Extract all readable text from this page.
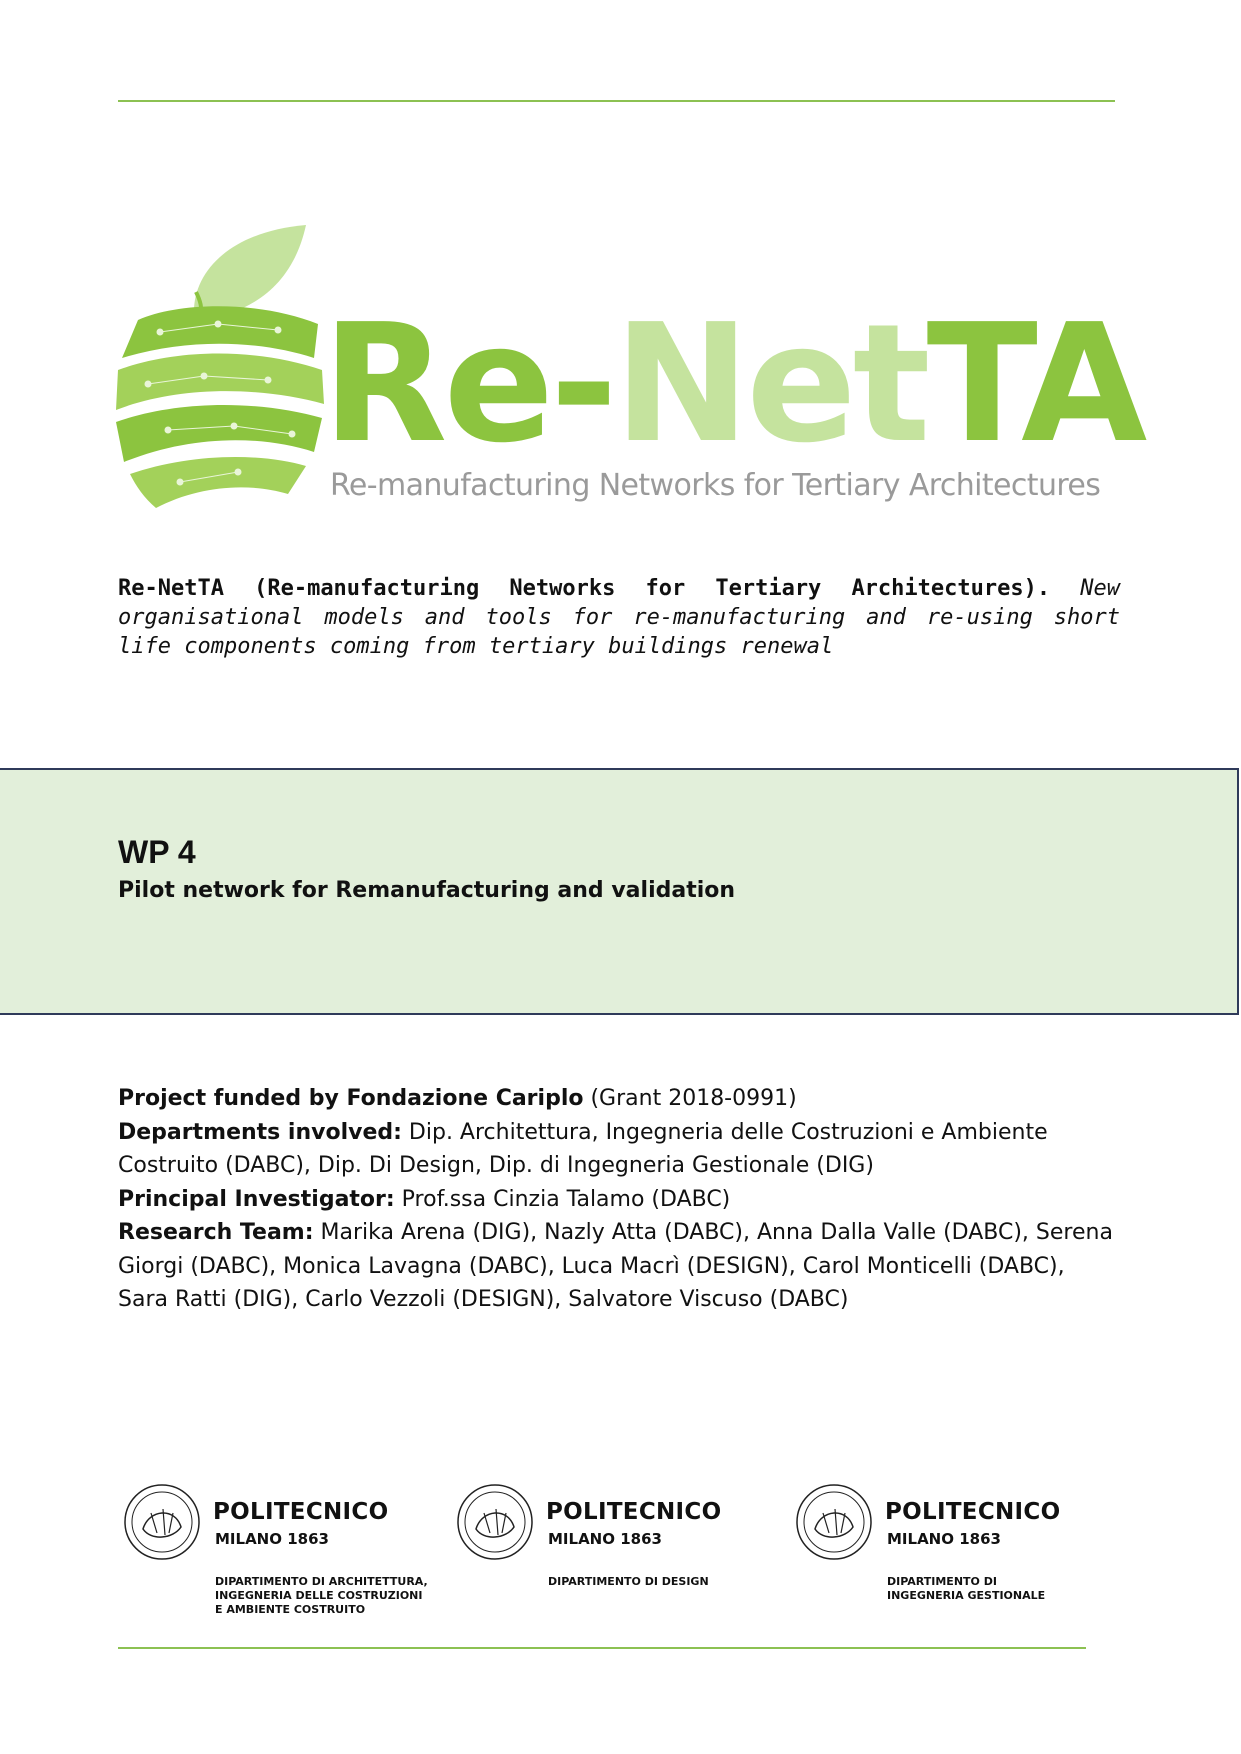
Re-NetTA
Re-manufacturing Networks for Tertiary Architectures
Re-NetTA (Re-manufacturing Networks for Tertiary Architectures). New organisational models and tools for re-manufacturing and re-using short life components coming from tertiary buildings renewal
WP 4
Pilot network for Remanufacturing and validation

Project funded by Fondazione Cariplo (Grant 2018-0991)

Departments involved: Dip. Architettura, Ingegneria delle Costruzioni e Ambiente Costruito (DABC), Dip. Di Design, Dip. di Ingegneria Gestionale (DIG)

Principal Investigator: Prof.ssa Cinzia Talamo (DABC)

Research Team: Marika Arena (DIG), Nazly Atta (DABC), Anna Dalla Valle (DABC), Serena Giorgi (DABC), Monica Lavagna (DABC), Luca Macrì (DESIGN), Carol Monticelli (DABC), Sara Ratti (DIG), Carlo Vezzoli (DESIGN), Salvatore Viscuso (DABC)

POLITECNICO
MILANO 1863
DIPARTIMENTO DI ARCHITETTURA,
INGEGNERIA DELLE COSTRUZIONI
E AMBIENTE COSTRUITO
POLITECNICO
MILANO 1863
DIPARTIMENTO DI DESIGN
POLITECNICO
MILANO 1863
DIPARTIMENTO DI
INGEGNERIA GESTIONALE
